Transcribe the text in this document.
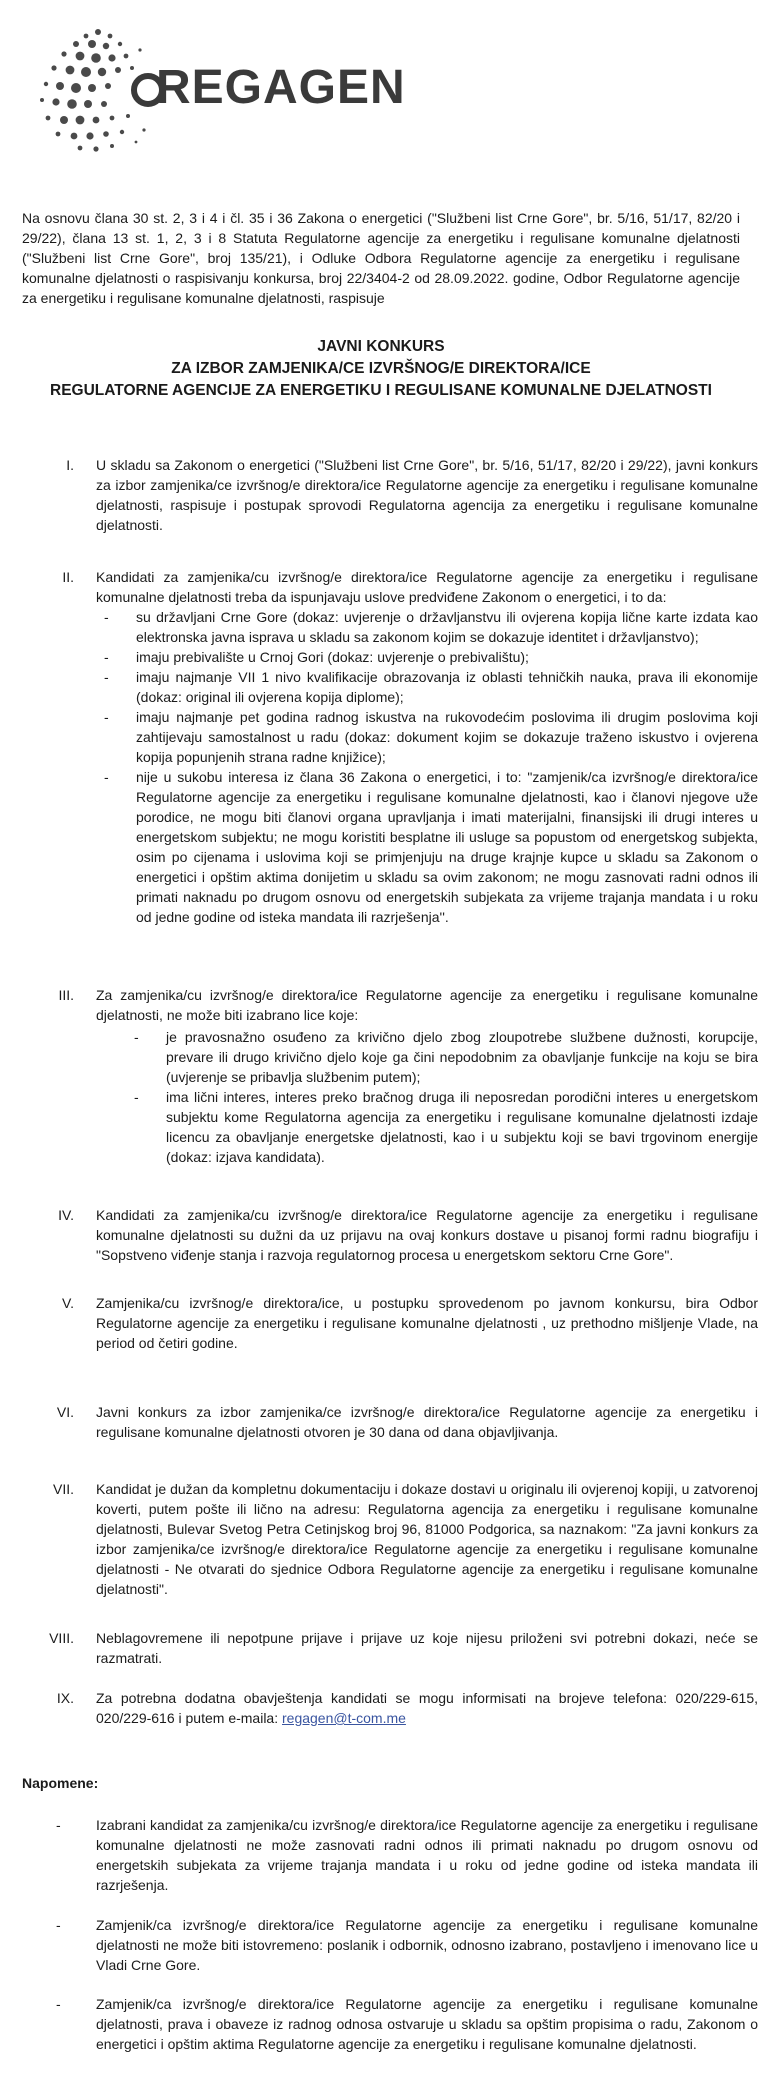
REGAGEN

Na osnovu člana 30 st. 2, 3 i 4 i čl. 35 i 36 Zakona o energetici ("Službeni list Crne Gore", br. 5/16, 51/17, 82/20 i 29/22), člana 13 st. 1, 2, 3 i 8 Statuta Regulatorne agencije za energetiku i regulisane komunalne djelatnosti ("Službeni list Crne Gore", broj 135/21), i Odluke Odbora Regulatorne agencije za energetiku i regulisane komunalne djelatnosti o raspisivanju konkursa, broj 22/3404-2 od 28.09.2022. godine, Odbor Regulatorne agencije za energetiku i regulisane komunalne djelatnosti, raspisuje

JAVNI KONKURS
ZA IZBOR ZAMJENIKA/CE IZVRŠNOG/E DIREKTORA/ICE
REGULATORNE AGENCIJE ZA ENERGETIKU I REGULISANE KOMUNALNE DJELATNOSTI
I. U skladu sa Zakonom o energetici ("Službeni list Crne Gore", br. 5/16, 51/17, 82/20 i 29/22), javni konkurs za izbor zamjenika/ce izvršnog/e direktora/ice Regulatorne agencije za energetiku i regulisane komunalne djelatnosti, raspisuje i postupak sprovodi Regulatorna agencija za energetiku i regulisane komunalne djelatnosti.

II. Kandidati za zamjenika/cu izvršnog/e direktora/ice Regulatorne agencije za energetiku i regulisane komunalne djelatnosti treba da ispunjavaju uslove predviđene Zakonom o energetici, i to da:

-	su državljani Crne Gore (dokaz: uvjerenje o državljanstvu ili ovjerena kopija lične karte izdata kao elektronska javna isprava u skladu sa zakonom kojim se dokazuje identitet i državljanstvo);

-	imaju prebivalište u Crnoj Gori (dokaz: uvjerenje o prebivalištu);

-	imaju najmanje VII 1 nivo kvalifikacije obrazovanja iz oblasti tehničkih nauka, prava ili ekonomije (dokaz: original ili ovjerena kopija diplome);

-	imaju najmanje pet godina radnog iskustva na rukovodećim poslovima ili drugim poslovima koji zahtijevaju samostalnost u radu (dokaz: dokument kojim se dokazuje traženo iskustvo i ovjerena kopija popunjenih strana radne knjižice);

-	nije u sukobu interesa iz člana 36 Zakona o energetici, i to: "zamjenik/ca izvršnog/e direktora/ice Regulatorne agencije za energetiku i regulisane komunalne djelatnosti, kao i članovi njegove uže porodice, ne mogu biti članovi organa upravljanja i imati materijalni, finansijski ili drugi interes u energetskom subjektu; ne mogu koristiti besplatne ili usluge sa popustom od energetskog subjekta, osim po cijenama i uslovima koji se primjenjuju na druge krajnje kupce u skladu sa Zakonom o energetici i opštim aktima donijetim u skladu sa ovim zakonom; ne mogu zasnovati radni odnos ili primati naknadu po drugom osnovu od energetskih subjekata za vrijeme trajanja mandata i u roku od jedne godine od isteka mandata ili razrješenja''.

III. Za zamjenika/cu izvršnog/e direktora/ice Regulatorne agencije za energetiku i regulisane komunalne djelatnosti, ne može biti izabrano lice koje:

-	je pravosnažno osuđeno za krivično djelo zbog zloupotrebe službene dužnosti, korupcije, prevare ili drugo krivično djelo koje ga čini nepodobnim za obavljanje funkcije na koju se bira (uvjerenje se pribavlja službenim putem);

-	ima lični interes, interes preko bračnog druga ili neposredan porodični interes u energetskom subjektu kome Regulatorna agencija za energetiku i regulisane komunalne djelatnosti izdaje licencu za obavljanje energetske djelatnosti, kao i u subjektu koji se bavi trgovinom energije (dokaz: izjava kandidata).

IV. Kandidati za zamjenika/cu izvršnog/e direktora/ice Regulatorne agencije za energetiku i regulisane komunalne djelatnosti su dužni da uz prijavu na ovaj konkurs dostave u pisanoj formi radnu biografiju i "Sopstveno viđenje stanja i razvoja regulatornog procesa u energetskom sektoru Crne Gore".

V. Zamjenika/cu izvršnog/e direktora/ice, u postupku sprovedenom po javnom konkursu, bira Odbor Regulatorne agencije za energetiku i regulisane komunalne djelatnosti , uz prethodno mišljenje Vlade, na period od četiri godine.

VI. Javni konkurs za izbor zamjenika/ce izvršnog/e direktora/ice Regulatorne agencije za energetiku i regulisane komunalne djelatnosti otvoren je 30 dana od dana objavljivanja.

VII. Kandidat je dužan da kompletnu dokumentaciju i dokaze dostavi u originalu ili ovjerenoj kopiji, u zatvorenoj koverti, putem pošte ili lično na adresu: Regulatorna agencija za energetiku i regulisane komunalne djelatnosti, Bulevar Svetog Petra Cetinjskog broj 96, 81000 Podgorica, sa naznakom: "Za javni konkurs za izbor zamjenika/ce izvršnog/e direktora/ice Regulatorne agencije za energetiku i regulisane komunalne djelatnosti - Ne otvarati do sjednice Odbora Regulatorne agencije za energetiku i regulisane komunalne djelatnosti".

VIII. Neblagovremene ili nepotpune prijave i prijave uz koje nijesu priloženi svi potrebni dokazi, neće se razmatrati.

IX. Za potrebna dodatna obavještenja kandidati se mogu informisati na brojeve telefona: 020/229-615, 020/229-616 i putem e-maila: regagen@t-com.me

Napomene:
-	Izabrani kandidat za zamjenika/cu izvršnog/e direktora/ice Regulatorne agencije za energetiku i regulisane komunalne djelatnosti ne može zasnovati radni odnos ili primati naknadu po drugom osnovu od energetskih subjekata za vrijeme trajanja mandata i u roku od jedne godine od isteka mandata ili razrješenja.

-	Zamjenik/ca izvršnog/e direktora/ice Regulatorne agencije za energetiku i regulisane komunalne djelatnosti ne može biti istovremeno: poslanik i odbornik, odnosno izabrano, postavljeno i imenovano lice u Vladi Crne Gore.

-	Zamjenik/ca izvršnog/e direktora/ice Regulatorne agencije za energetiku i regulisane komunalne djelatnosti, prava i obaveze iz radnog odnosa ostvaruje u skladu sa opštim propisima o radu, Zakonom o energetici i opštim aktima Regulatorne agencije za energetiku i regulisane komunalne djelatnosti.
